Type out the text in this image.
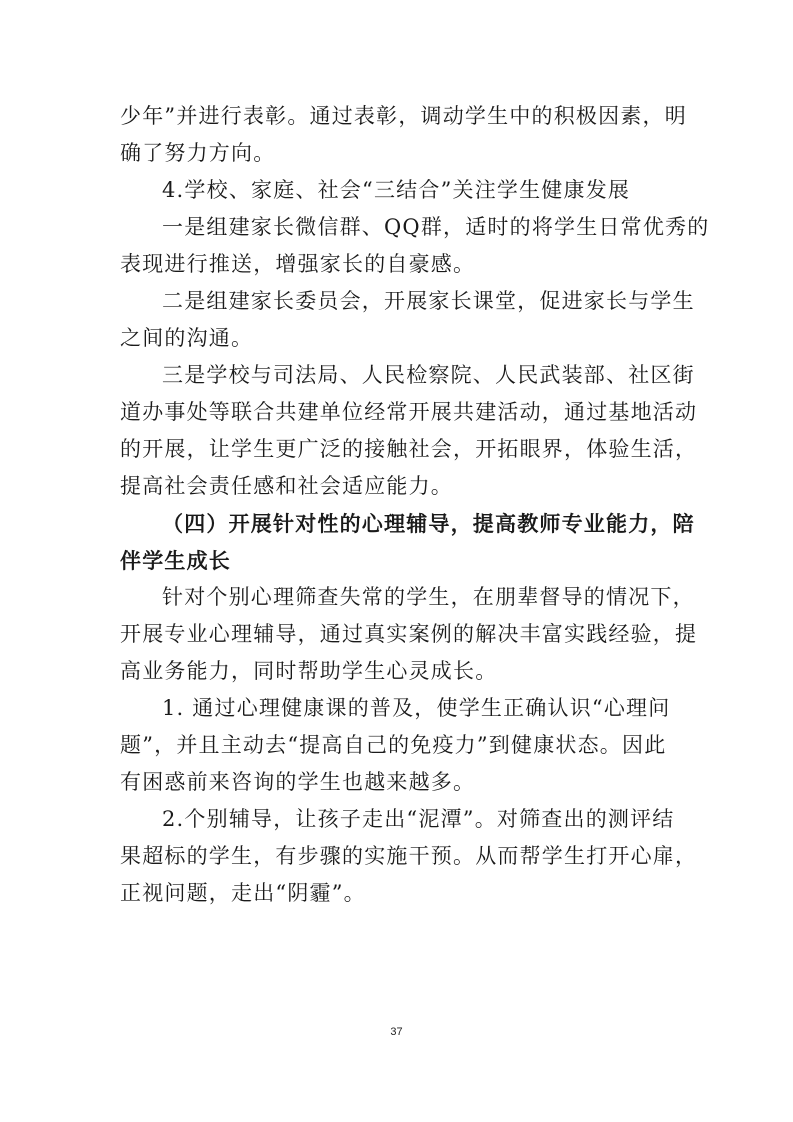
少年”并进行表彰。通过表彰，调动学生中的积极因素，明
确了努力方向。
4.学校、家庭、社会“三结合”关注学生健康发展
一是组建家长微信群、QQ群，适时的将学生日常优秀的
表现进行推送，增强家长的自豪感。
二是组建家长委员会，开展家长课堂，促进家长与学生
之间的沟通。
三是学校与司法局、人民检察院、人民武装部、社区街
道办事处等联合共建单位经常开展共建活动，通过基地活动
的开展，让学生更广泛的接触社会，开拓眼界，体验生活，
提高社会责任感和社会适应能力。
（四）开展针对性的心理辅导，提高教师专业能力，陪
伴学生成长
针对个别心理筛查失常的学生，在朋辈督导的情况下，
开展专业心理辅导，通过真实案例的解决丰富实践经验，提
高业务能力，同时帮助学生心灵成长。
1. 通过心理健康课的普及，使学生正确认识“心理问
题”，并且主动去“提高自己的免疫力”到健康状态。因此
有困惑前来咨询的学生也越来越多。
2.个别辅导，让孩子走出“泥潭”。对筛查出的测评结
果超标的学生，有步骤的实施干预。从而帮学生打开心扉，
正视问题，走出“阴霾”。
37
